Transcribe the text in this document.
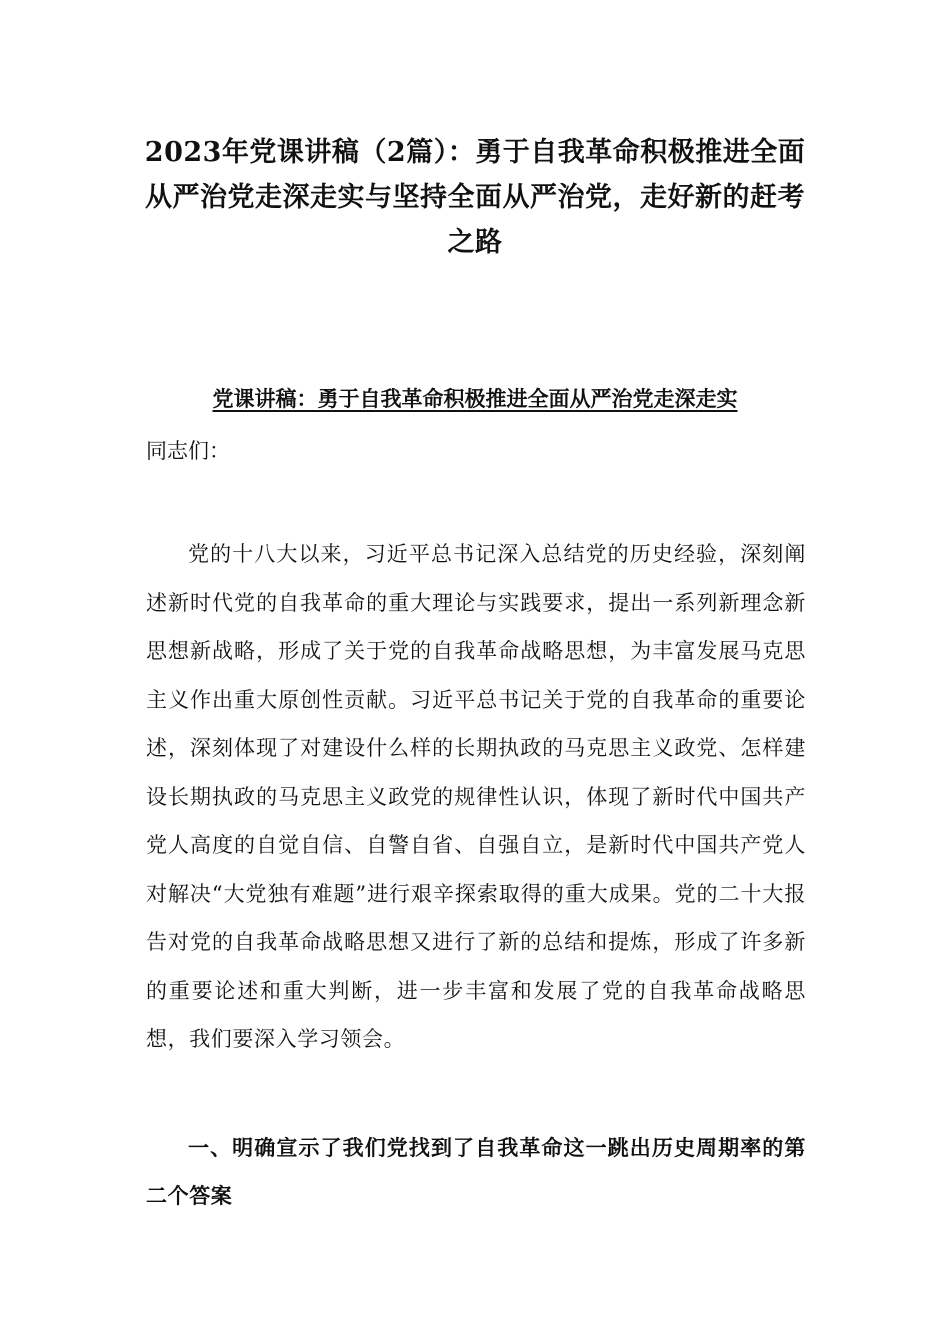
2023年党课讲稿（2篇）：勇于自我革命积极推进全面从严治党走深走实与坚持全面从严治党，走好新的赶考之路
党课讲稿：勇于自我革命积极推进全面从严治党走深走实

同志们：

党的十八大以来，习近平总书记深入总结党的历史经验，深刻阐述新时代党的自我革命的重大理论与实践要求，提出一系列新理念新思想新战略，形成了关于党的自我革命战略思想，为丰富发展马克思主义作出重大原创性贡献。习近平总书记关于党的自我革命的重要论述，深刻体现了对建设什么样的长期执政的马克思主义政党、怎样建设长期执政的马克思主义政党的规律性认识，体现了新时代中国共产党人高度的自觉自信、自警自省、自强自立，是新时代中国共产党人对解决“大党独有难题”进行艰辛探索取得的重大成果。党的二十大报告对党的自我革命战略思想又进行了新的总结和提炼，形成了许多新的重要论述和重大判断，进一步丰富和发展了党的自我革命战略思想，我们要深入学习领会。

一、明确宣示了我们党找到了自我革命这一跳出历史周期率的第二个答案
